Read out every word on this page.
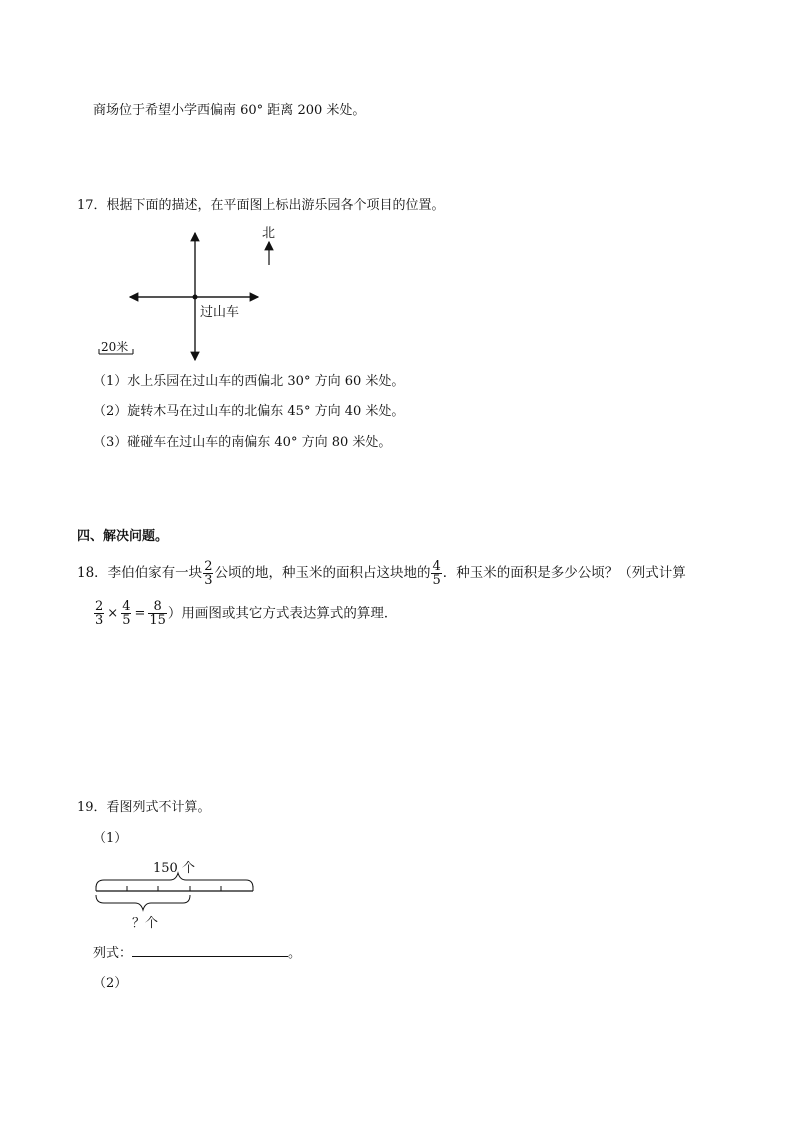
商场位于希望小学西偏南 60° 距离 200 米处。
17．根据下面的描述，在平面图上标出游乐园各个项目的位置。
北
过山车
20米
（1）水上乐园在过山车的西偏北 30° 方向 60 米处。
（2）旋转木马在过山车的北偏东 45° 方向 40 米处。
（3）碰碰车在过山车的南偏东 40° 方向 80 米处。
四、解决问题。
18．李伯伯家有一块 $\frac{2}{3}$ 公顷的地，种玉米的面积占这块地的 $\frac{4}{5}$ ．种玉米的面积是多少公顷？（列式计算
$\frac{2}{3} \times \frac{4}{5} = \frac{8}{15}$ ）用画图或其它方式表达算式的算理．
19．看图列式不计算。
（1）
150 个
？个
列式：	。
（2）
